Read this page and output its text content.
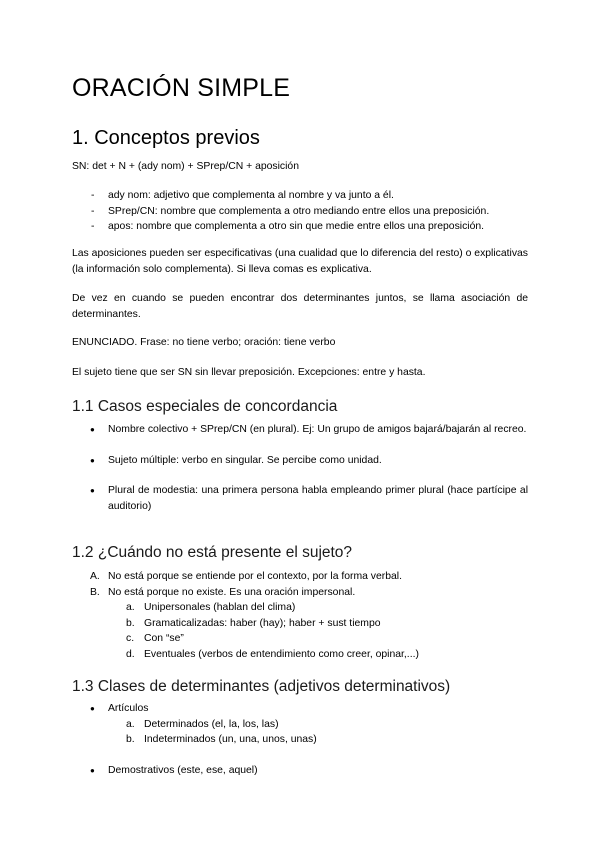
ORACIÓN SIMPLE
1. Conceptos previos
SN: det + N + (ady nom) + SPrep/CN + aposición
- ady nom: adjetivo que complementa al nombre y va junto a él.
- SPrep/CN: nombre que complementa a otro mediando entre ellos una preposición.
- apos: nombre que complementa a otro sin que medie entre ellos una preposición.
Las aposiciones pueden ser especificativas (una cualidad que lo diferencia del resto) o explicativas (la información solo complementa). Si lleva comas es explicativa.
De vez en cuando se pueden encontrar dos determinantes juntos, se llama asociación de determinantes.
ENUNCIADO. Frase: no tiene verbo; oración: tiene verbo
El sujeto tiene que ser SN sin llevar preposición. Excepciones: entre y hasta.
1.1 Casos especiales de concordancia
● Nombre colectivo + SPrep/CN (en plural). Ej: Un grupo de amigos bajará/bajarán al recreo.
● Sujeto múltiple: verbo en singular. Se percibe como unidad.
● Plural de modestia: una primera persona habla empleando primer plural (hace partícipe al auditorio)
1.2 ¿Cuándo no está presente el sujeto?
A. No está porque se entiende por el contexto, por la forma verbal.
B. No está porque no existe. Es una oración impersonal.
a. Unipersonales (hablan del clima)
b. Gramaticalizadas: haber (hay); haber + sust tiempo
c. Con “se”
d. Eventuales (verbos de entendimiento como creer, opinar,...)
1.3 Clases de determinantes (adjetivos determinativos)
● Artículos
a. Determinados (el, la, los, las)
b. Indeterminados (un, una, unos, unas)
● Demostrativos (este, ese, aquel)
